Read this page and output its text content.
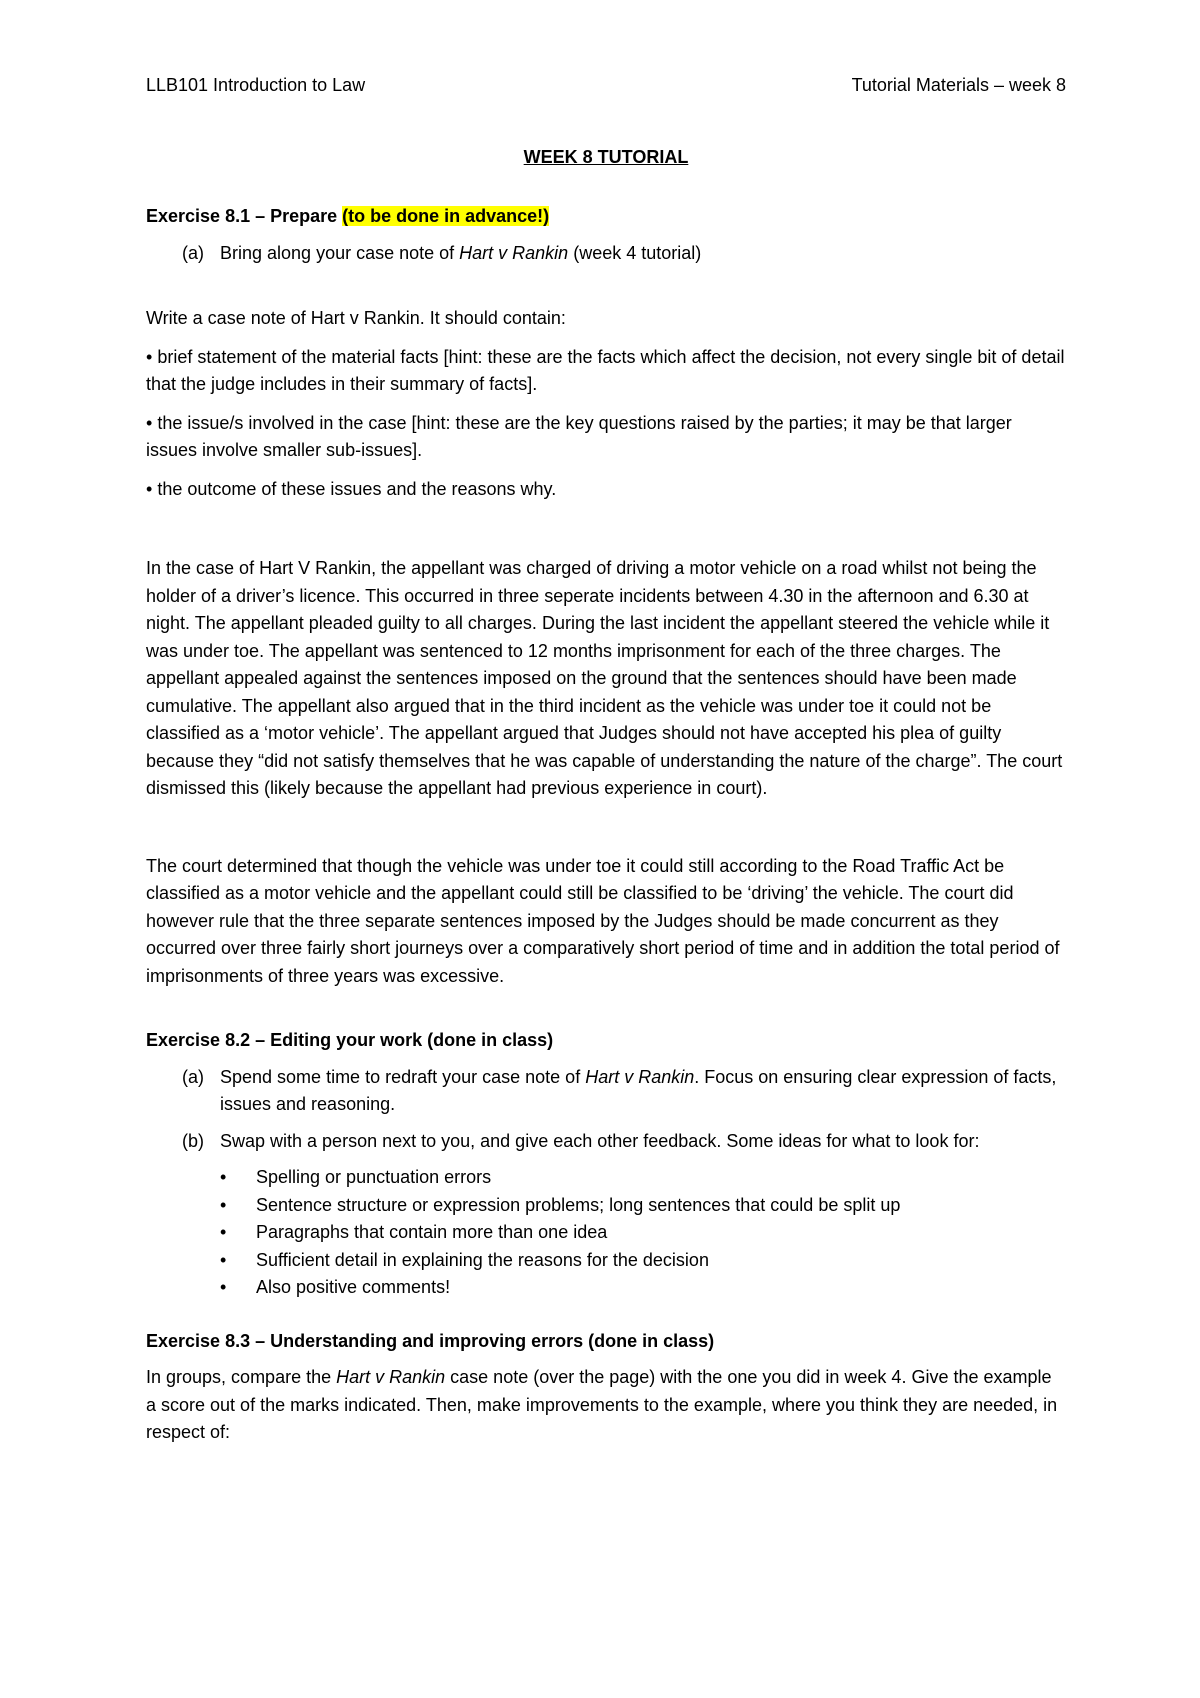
LLB101 Introduction to Law	Tutorial Materials – week 8
WEEK 8 TUTORIAL
Exercise 8.1 – Prepare (to be done in advance!)
(a) Bring along your case note of Hart v Rankin (week 4 tutorial)

Write a case note of Hart v Rankin. It should contain:

• brief statement of the material facts [hint: these are the facts which affect the decision, not every single bit of detail that the judge includes in their summary of facts].

• the issue/s involved in the case [hint: these are the key questions raised by the parties; it may be that larger issues involve smaller sub-issues].

• the outcome of these issues and the reasons why.

In the case of Hart V Rankin, the appellant was charged of driving a motor vehicle on a road whilst not being the holder of a driver’s licence. This occurred in three seperate incidents between 4.30 in the afternoon and 6.30 at night. The appellant pleaded guilty to all charges. During the last incident the appellant steered the vehicle while it was under toe. The appellant was sentenced to 12 months imprisonment for each of the three charges. The appellant appealed against the sentences imposed on the ground that the sentences should have been made cumulative. The appellant also argued that in the third incident as the vehicle was under toe it could not be classified as a ‘motor vehicle’. The appellant argued that Judges should not have accepted his plea of guilty because they “did not satisfy themselves that he was capable of understanding the nature of the charge”. The court dismissed this (likely because the appellant had previous experience in court).

The court determined that though the vehicle was under toe it could still according to the Road Traffic Act be classified as a motor vehicle and the appellant could still be classified to be ‘driving’ the vehicle. The court did however rule that the three separate sentences imposed by the Judges should be made concurrent as they occurred over three fairly short journeys over a comparatively short period of time and in addition the total period of imprisonments of three years was excessive.

Exercise 8.2 – Editing your work (done in class)
(a) Spend some time to redraft your case note of Hart v Rankin. Focus on ensuring clear expression of facts, issues and reasoning.
(b) Swap with a person next to you, and give each other feedback. Some ideas for what to look for:
•	Spelling or punctuation errors
•	Sentence structure or expression problems; long sentences that could be split up
•	Paragraphs that contain more than one idea
•	Sufficient detail in explaining the reasons for the decision
•	Also positive comments!
Exercise 8.3 – Understanding and improving errors (done in class)

In groups, compare the Hart v Rankin case note (over the page) with the one you did in week 4. Give the example a score out of the marks indicated. Then, make improvements to the example, where you think they are needed, in respect of:
